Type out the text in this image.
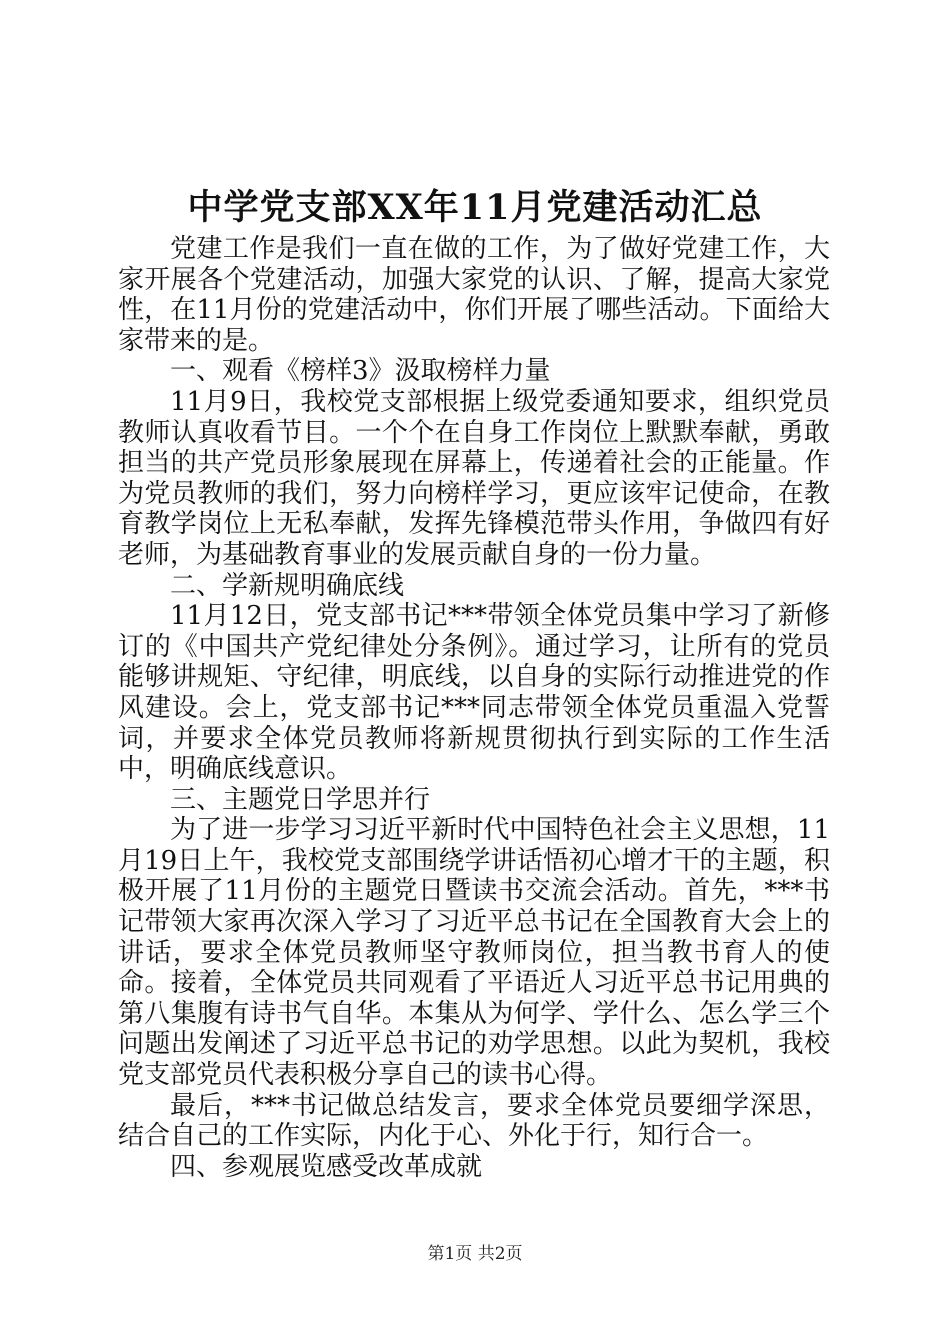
中学党支部XX年11月党建活动汇总

党建工作是我们一直在做的工作，为了做好党建工作，大家开展各个党建活动，加强大家党的认识、了解，提高大家党性，在11月份的党建活动中，你们开展了哪些活动。下面给大家带来的是。

一、观看《榜样3》汲取榜样力量

11月9日，我校党支部根据上级党委通知要求，组织党员教师认真收看节目。一个个在自身工作岗位上默默奉献，勇敢担当的共产党员形象展现在屏幕上，传递着社会的正能量。作为党员教师的我们，努力向榜样学习，更应该牢记使命，在教育教学岗位上无私奉献，发挥先锋模范带头作用，争做四有好老师，为基础教育事业的发展贡献自身的一份力量。

二、学新规明确底线

11月12日，党支部书记***带领全体党员集中学习了新修订的《中国共产党纪律处分条例》。通过学习，让所有的党员能够讲规矩、守纪律，明底线，以自身的实际行动推进党的作风建设。会上，党支部书记***同志带领全体党员重温入党誓词，并要求全体党员教师将新规贯彻执行到实际的工作生活中，明确底线意识。

三、主题党日学思并行

为了进一步学习习近平新时代中国特色社会主义思想，11月19日上午，我校党支部围绕学讲话悟初心增才干的主题，积极开展了11月份的主题党日暨读书交流会活动。首先，***书记带领大家再次深入学习了习近平总书记在全国教育大会上的讲话，要求全体党员教师坚守教师岗位，担当教书育人的使命。接着，全体党员共同观看了平语近人习近平总书记用典的第八集腹有诗书气自华。本集从为何学、学什么、怎么学三个问题出发阐述了习近平总书记的劝学思想。以此为契机，我校党支部党员代表积极分享自己的读书心得。

最后，***书记做总结发言，要求全体党员要细学深思，结合自己的工作实际，内化于心、外化于行，知行合一。

四、参观展览感受改革成就

第1页 共2页
